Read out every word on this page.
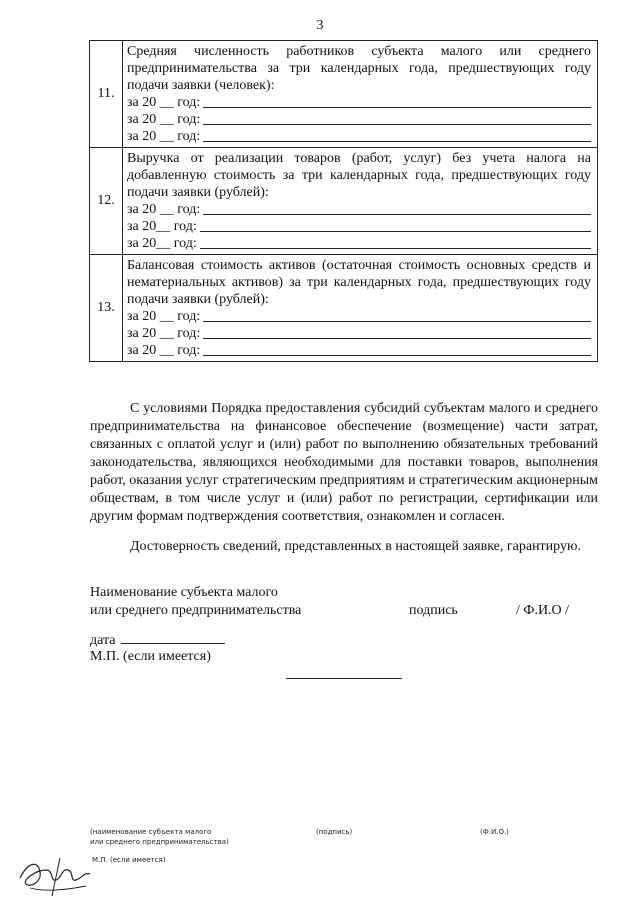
3
11.	Средняя численность работников субъекта малого или среднего предпринимательства за три календарных года, предшествующих году подачи заявки (человек):
за 20 __ год:
за 20 __ год:
за 20 __ год:

12.	Выручка от реализации товаров (работ, услуг) без учета налога на добавленную стоимость за три календарных года, предшествующих году подачи заявки (рублей):
за 20 __ год:
за 20__ год:
за 20__ год:

13.	Балансовая стоимость активов (остаточная стоимость основных средств и нематериальных активов) за три календарных года, предшествующих году подачи заявки (рублей):
за 20 __ год:
за 20 __ год:
за 20 __ год:
С условиями Порядка предоставления субсидий субъектам малого и среднего предпринимательства на финансовое обеспечение (возмещение) части затрат, связанных с оплатой услуг и (или) работ по выполнению обязательных требований законодательства, являющихся необходимыми для поставки товаров, выполнения работ, оказания услуг стратегическим предприятиям и стратегическим акционерным обществам, в том числе услуг и (или) работ по регистрации, сертификации или другим формам подтверждения соответствия, ознакомлен и согласен.
Достоверность сведений, представленных в настоящей заявке, гарантирую.
Наименование субъекта малого
или среднего предпринимательства	подпись	/ Ф.И.О /
дата
М.П. (если имеется)
(наименование субъекта малого
или среднего предпринимательства)
(подпись)	(Ф.И.О.)
М.П. (если имеется)
